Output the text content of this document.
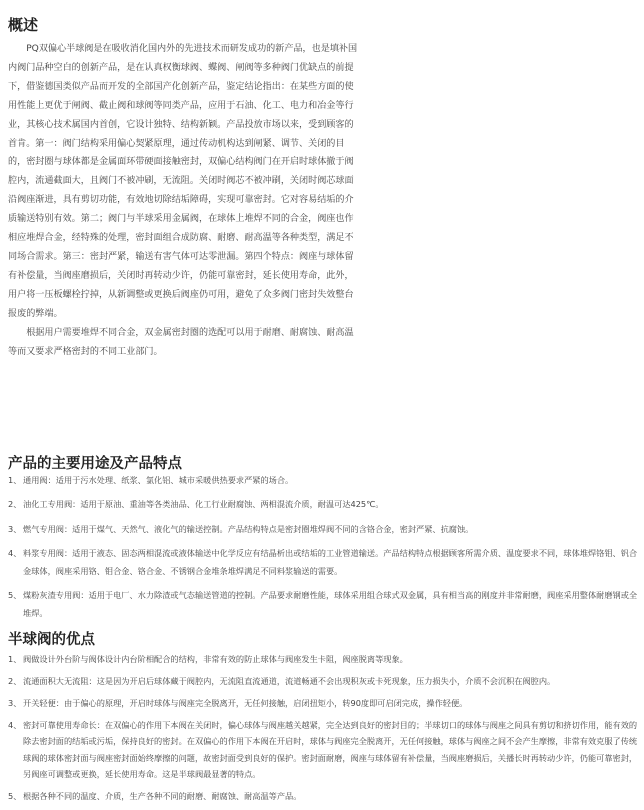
概述

PQ双偏心半球阀是在吸收消化国内外的先进技术而研发成功的新产品，也是填补国内阀门品种空白的创新产品，是在认真权衡球阀、蝶阀、闸阀等多种阀门优缺点的前提下，借鉴德国类似产品而开发的全部国产化创新产品，鉴定结论指出：在某些方面的使用性能上更优于闸阀、截止阀和球阀等同类产品，应用于石油、化工、电力和冶金等行业，其核心技术属国内首创，它设计独特、结构新颖。产品投放市场以来，受到顾客的首肯。第一：阀门结构采用偏心契紧原理，通过传动机构达到闸紧、调节、关闭的目的，密封圈与球体都是金属面环带硬面接触密封，双偏心结构阀门在开启时球体撤于阀腔内，流通截面大，且阀门不被冲刷，无流阻。关闭时阀芯不被冲刷，关闭时阀芯球面沿阀座渐进，具有剪切功能，有效地切除结垢障碍，实现可靠密封。它对容易结垢的介质输送特别有效。第二；阀门与半球采用金属阀，在球体上堆焊不同的合金，阀座也作相应堆焊合金，经特殊的处理，密封面组合成防腐、耐磨、耐高温等各种类型，满足不同场合需求。第三：密封严紧，输送有害气体可达零泄漏。第四个特点：阀座与球体留有补偿量，当阀座磨损后，关闭时再转动少许，仍能可靠密封，延长使用寿命，此外，用户将一压板螺栓拧掉，从新调整或更换后阀座仍可用，避免了众多阀门密封失效整台报废的弊端。

根据用户需要堆焊不同合金，双金属密封圈的选配可以用于耐磨、耐腐蚀、耐高温等而又要求严格密封的不同工业部门。

产品的主要用途及产品特点
1、 通用阀：适用于污水处理、纸浆、氯化铝、城市采暖供热要求严紧的场合。
2、 油化工专用阀：适用于原油、重油等各类油品、化工行业耐腐蚀、两相混流介质，耐温可达425℃。
3、 燃气专用阀：适用于煤气、天然气、液化气的输送控制。产品结构特点是密封圈堆焊阀不同的含铬合金，密封严紧、抗腐蚀。
4、 料浆专用阀：适用于液态、固态两相混流或液体输送中化学反应有结晶析出或结垢的工业管道输送。产品结构特点根据顾客所需介质、温度要求不同，球体堆焊铬钼、钒合金球体，阀座采用铬、钼合金、铬合金、不锈钢合金堆条堆焊满足不同料浆输送的需要。
5、 煤粉灰渣专用阀：适用于电厂、水力除渣或气态输送管道的控制。产品要求耐磨性能，球体采用组合球式双金属，具有相当高的刚度并非常耐磨，阀座采用整体耐磨钢或全堆焊。
半球阀的优点
1、 阀做设计外台阶与阀体设计内台阶相配合的结构，非常有效的防止球体与阀座发生卡阻，阀座脱离等现象。
2、 流通面积大无流阻：这是因为开启后球体藏于阀腔内，无流阻直流通道，流道畅通不会出现积灰或卡死现象，压力损失小，介质不会沉积在阀腔内。
3、 开关轻便：由于偏心的原理，开启时球体与阀座完全脱离开，无任何接触，启闭扭矩小，转90度即可启闭完成，操作轻便。
4、 密封可靠使用寿命长：在双偏心的作用下本阀在关闭时，偏心球体与阀座越关越紧，完全达到良好的密封目的；半球切口的球体与阀座之间具有剪切和挤切作用，能有效的除去密封面的结垢或污垢，保持良好的密封。在双偏心的作用下本阀在开启时，球体与阀座完全脱离开，无任何接触，球体与阀座之间不会产生摩擦，非常有效克服了传统球阀的球体密封面与阀座密封面始终摩擦的问题，故密封面受到良好的保护。密封面耐磨，阀座与球体留有补偿量，当阀座磨损后，关播长时再转动少许，仍能可靠密封，另阀座可调整或更换，延长使用寿命。这是半球阀最显著的特点。
5、 根据各种不同的温度、介质，生产各种不同的耐磨、耐腐蚀、耐高温等产品。
